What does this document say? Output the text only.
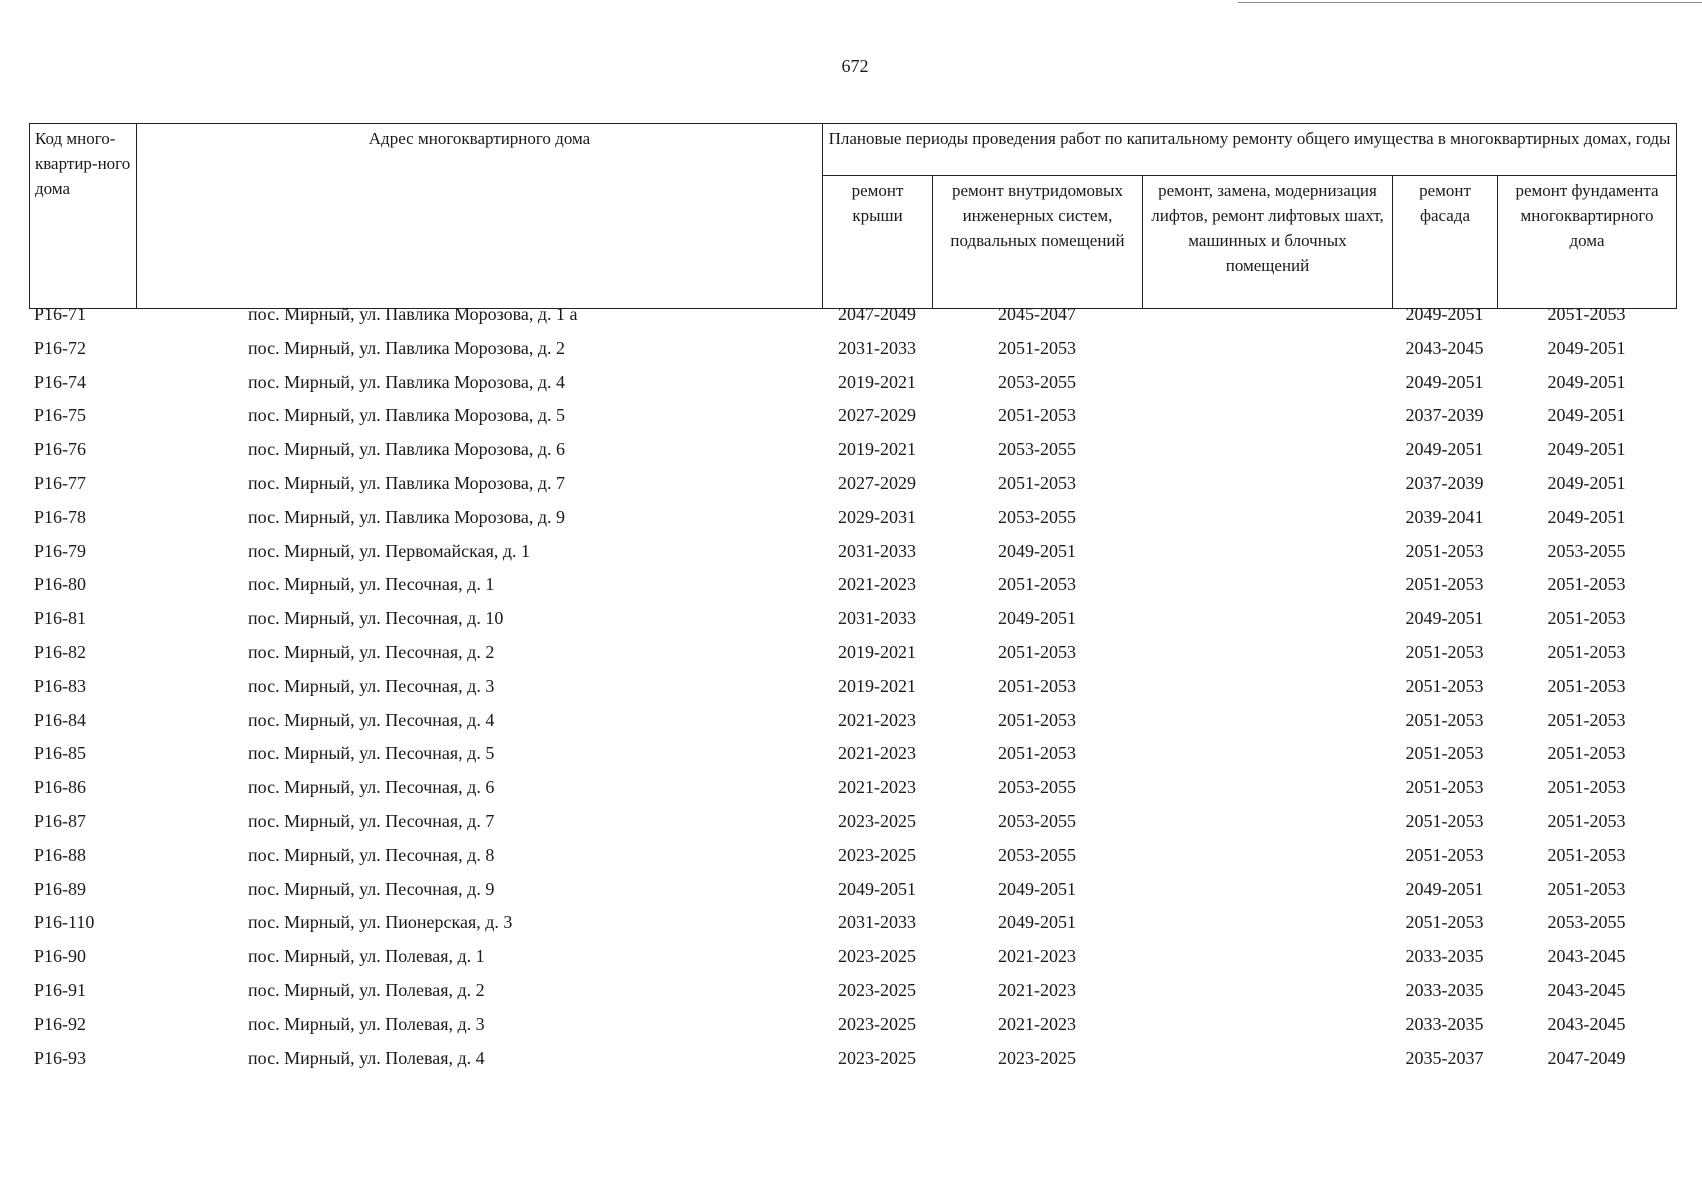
672
Код много-квартир-ного дома	Адрес многоквартирного дома	Плановые периоды проведения работ по капитальному ремонту общего имущества в многоквартирных домах, годы				
		ремонт крыши	ремонт внутридомовых инженерных систем, подвальных помещений	ремонт, замена, модернизация лифтов, ремонт лифтовых шахт, машинных и блочных помещений	ремонт фасада	ремонт фундамента многоквартирного дома
Р16-71	пос. Мирный, ул. Павлика Морозова, д. 1 а	2047-2049	2045-2047		2049-2051	2051-2053
Р16-72	пос. Мирный, ул. Павлика Морозова, д. 2	2031-2033	2051-2053		2043-2045	2049-2051
Р16-74	пос. Мирный, ул. Павлика Морозова, д. 4	2019-2021	2053-2055		2049-2051	2049-2051
Р16-75	пос. Мирный, ул. Павлика Морозова, д. 5	2027-2029	2051-2053		2037-2039	2049-2051
Р16-76	пос. Мирный, ул. Павлика Морозова, д. 6	2019-2021	2053-2055		2049-2051	2049-2051
Р16-77	пос. Мирный, ул. Павлика Морозова, д. 7	2027-2029	2051-2053		2037-2039	2049-2051
Р16-78	пос. Мирный, ул. Павлика Морозова, д. 9	2029-2031	2053-2055		2039-2041	2049-2051
Р16-79	пос. Мирный, ул. Первомайская, д. 1	2031-2033	2049-2051		2051-2053	2053-2055
Р16-80	пос. Мирный, ул. Песочная, д. 1	2021-2023	2051-2053		2051-2053	2051-2053
Р16-81	пос. Мирный, ул. Песочная, д. 10	2031-2033	2049-2051		2049-2051	2051-2053
Р16-82	пос. Мирный, ул. Песочная, д. 2	2019-2021	2051-2053		2051-2053	2051-2053
Р16-83	пос. Мирный, ул. Песочная, д. 3	2019-2021	2051-2053		2051-2053	2051-2053
Р16-84	пос. Мирный, ул. Песочная, д. 4	2021-2023	2051-2053		2051-2053	2051-2053
Р16-85	пос. Мирный, ул. Песочная, д. 5	2021-2023	2051-2053		2051-2053	2051-2053
Р16-86	пос. Мирный, ул. Песочная, д. 6	2021-2023	2053-2055		2051-2053	2051-2053
Р16-87	пос. Мирный, ул. Песочная, д. 7	2023-2025	2053-2055		2051-2053	2051-2053
Р16-88	пос. Мирный, ул. Песочная, д. 8	2023-2025	2053-2055		2051-2053	2051-2053
Р16-89	пос. Мирный, ул. Песочная, д. 9	2049-2051	2049-2051		2049-2051	2051-2053
Р16-110	пос. Мирный, ул. Пионерская, д. 3	2031-2033	2049-2051		2051-2053	2053-2055
Р16-90	пос. Мирный, ул. Полевая, д. 1	2023-2025	2021-2023		2033-2035	2043-2045
Р16-91	пос. Мирный, ул. Полевая, д. 2	2023-2025	2021-2023		2033-2035	2043-2045
Р16-92	пос. Мирный, ул. Полевая, д. 3	2023-2025	2021-2023		2033-2035	2043-2045
Р16-93	пос. Мирный, ул. Полевая, д. 4	2023-2025	2023-2025		2035-2037	2047-2049
